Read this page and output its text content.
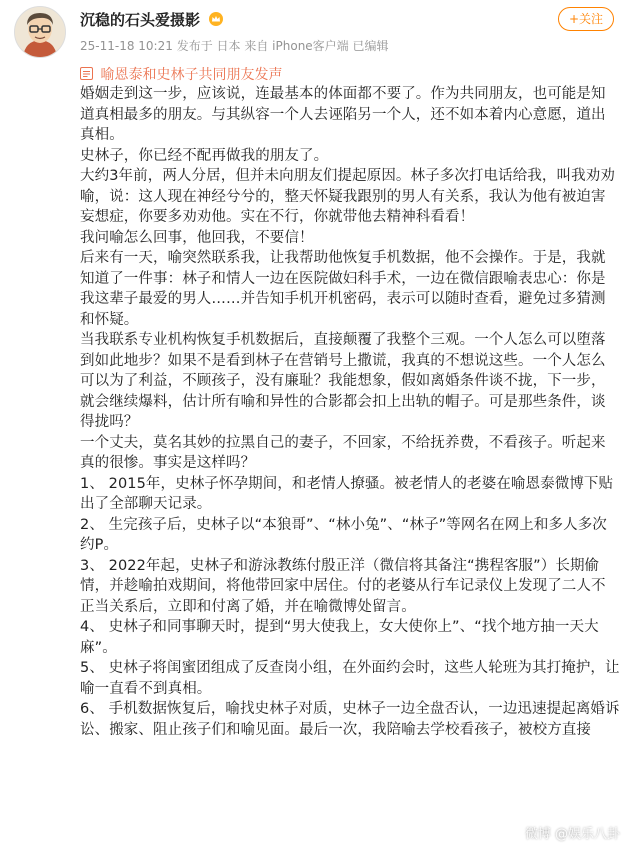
沉稳的石头爱摄影
25-11-18 10:21 发布于 日本 来自 iPhone客户端 已编辑
+关注
喻恩泰和史林子共同朋友发声

婚姻走到这一步，应该说，连最基本的体面都不要了。作为共同朋友，也可能是知道真相最多的朋友。与其纵容一个人去诬陷另一个人，还不如本着内心意愿，道出真相。

史林子，你已经不配再做我的朋友了。

大约3年前，两人分居，但并未向朋友们提起原因。林子多次打电话给我，叫我劝劝喻，说：这人现在神经兮兮的，整天怀疑我跟别的男人有关系，我认为他有被迫害妄想症，你要多劝劝他。实在不行，你就带他去精神科看看！

我问喻怎么回事，他回我，不要信！

后来有一天，喻突然联系我，让我帮助他恢复手机数据，他不会操作。于是，我就知道了一件事：林子和情人一边在医院做妇科手术，一边在微信跟喻表忠心：你是我这辈子最爱的男人……并告知手机开机密码，表示可以随时查看，避免过多猜测和怀疑。

当我联系专业机构恢复手机数据后，直接颠覆了我整个三观。一个人怎么可以堕落到如此地步？如果不是看到林子在营销号上撒谎，我真的不想说这些。一个人怎么可以为了利益，不顾孩子，没有廉耻？我能想象，假如离婚条件谈不拢，下一步，就会继续爆料，估计所有喻和异性的合影都会扣上出轨的帽子。可是那些条件，谈得拢吗？

一个丈夫，莫名其妙的拉黑自己的妻子，不回家，不给抚养费，不看孩子。听起来真的很惨。事实是这样吗？

1、 2015年，史林子怀孕期间，和老情人撩骚。被老情人的老婆在喻恩泰微博下贴出了全部聊天记录。

2、 生完孩子后，史林子以“本狼哥”、“林小兔”、“林子”等网名在网上和多人多次约P。

3、 2022年起，史林子和游泳教练付殷正洋（微信将其备注“携程客服”）长期偷情，并趁喻拍戏期间，将他带回家中居住。付的老婆从行车记录仪上发现了二人不正当关系后，立即和付离了婚，并在喻微博处留言。

4、 史林子和同事聊天时，提到“男大使我上，女大使你上”、“找个地方抽一天大麻”。

5、 史林子将闺蜜团组成了反查岗小组，在外面约会时，这些人轮班为其打掩护，让喻一直看不到真相。

6、 手机数据恢复后，喻找史林子对质，史林子一边全盘否认，一边迅速提起离婚诉讼、搬家、阻止孩子们和喻见面。最后一次，我陪喻去学校看孩子，被校方直接

微博 @娱乐八卦
